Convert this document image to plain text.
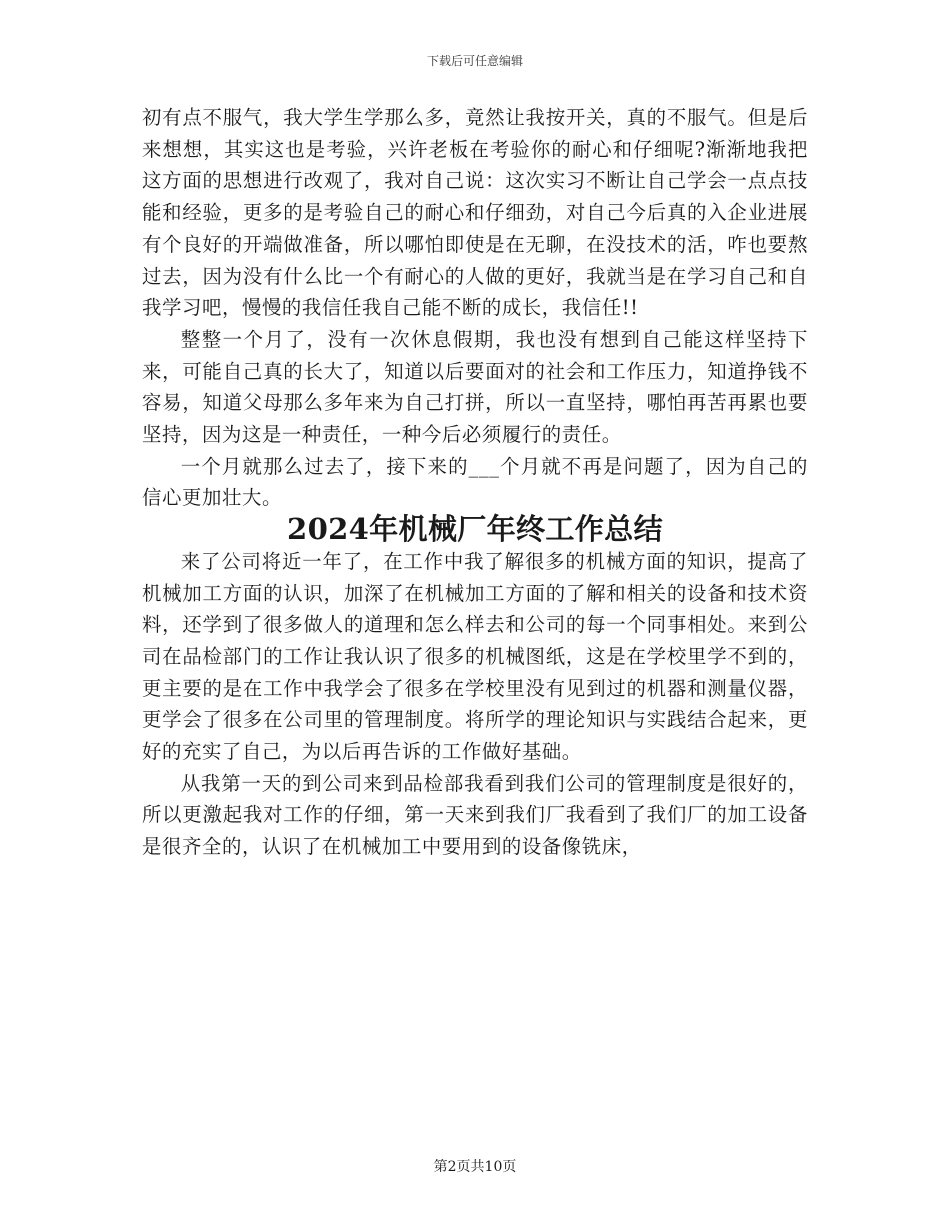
下载后可任意编辑

初有点不服气，我大学生学那么多，竟然让我按开关，真的不服气。但是后来想想，其实这也是考验，兴许老板在考验你的耐心和仔细呢?渐渐地我把这方面的思想进行改观了，我对自己说：这次实习不断让自己学会一点点技能和经验，更多的是考验自己的耐心和仔细劲，对自己今后真的入企业进展有个良好的开端做准备，所以哪怕即使是在无聊，在没技术的活，咋也要熬过去，因为没有什么比一个有耐心的人做的更好，我就当是在学习自己和自我学习吧，慢慢的我信任我自己能不断的成长，我信任!!

整整一个月了，没有一次休息假期，我也没有想到自己能这样坚持下来，可能自己真的长大了，知道以后要面对的社会和工作压力，知道挣钱不容易，知道父母那么多年来为自己打拼，所以一直坚持，哪怕再苦再累也要坚持，因为这是一种责任，一种今后必须履行的责任。

一个月就那么过去了，接下来的___个月就不再是问题了，因为自己的信心更加壮大。

2024年机械厂年终工作总结

来了公司将近一年了，在工作中我了解很多的机械方面的知识，提高了机械加工方面的认识，加深了在机械加工方面的了解和相关的设备和技术资料，还学到了很多做人的道理和怎么样去和公司的每一个同事相处。来到公司在品检部门的工作让我认识了很多的机械图纸，这是在学校里学不到的，更主要的是在工作中我学会了很多在学校里没有见到过的机器和测量仪器，更学会了很多在公司里的管理制度。将所学的理论知识与实践结合起来，更好的充实了自己，为以后再告诉的工作做好基础。

从我第一天的到公司来到品检部我看到我们公司的管理制度是很好的，所以更激起我对工作的仔细，第一天来到我们厂我看到了我们厂的加工设备是很齐全的，认识了在机械加工中要用到的设备像铣床，

第2页共10页
